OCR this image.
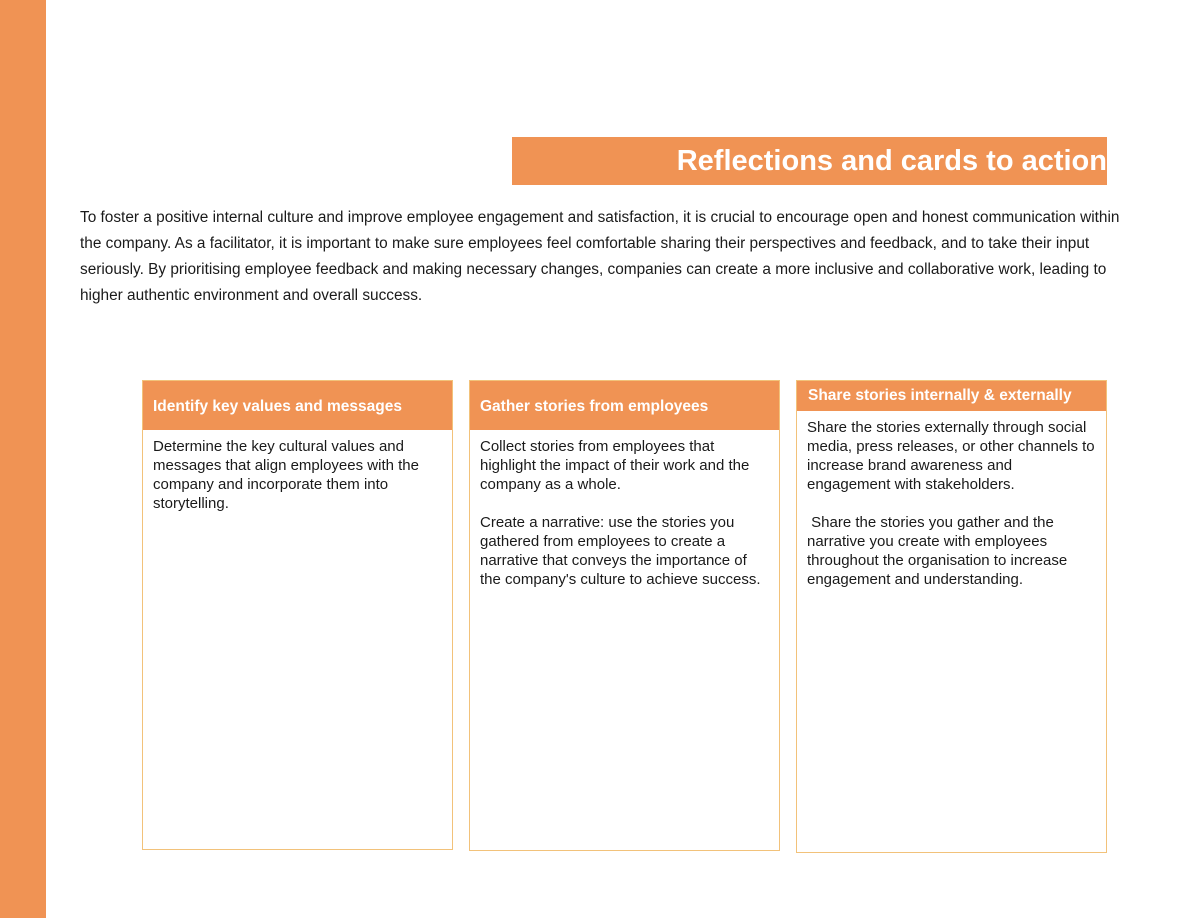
Reflections and cards to action

To foster a positive internal culture and improve employee engagement and satisfaction, it is crucial to encourage open and honest communication within the company. As a facilitator, it is important to make sure employees feel comfortable sharing their perspectives and feedback, and to take their input seriously. By prioritising employee feedback and making necessary changes, companies can create a more inclusive and collaborative work, leading to higher authentic environment and overall success.

Identify key values and messages

Determine the key cultural values and messages that align employees with the company and incorporate them into storytelling.

Gather stories from employees

Collect stories from employees that highlight the impact of their work and the company as a whole.

Create a narrative: use the stories you gathered from employees to create a narrative that conveys the importance of the company's culture to achieve success.

Share stories internally & externally

Share the stories externally through social media, press releases, or other channels to increase brand awareness and engagement with stakeholders.

Share the stories you gather and the narrative you create with employees throughout the organisation to increase engagement and understanding.
